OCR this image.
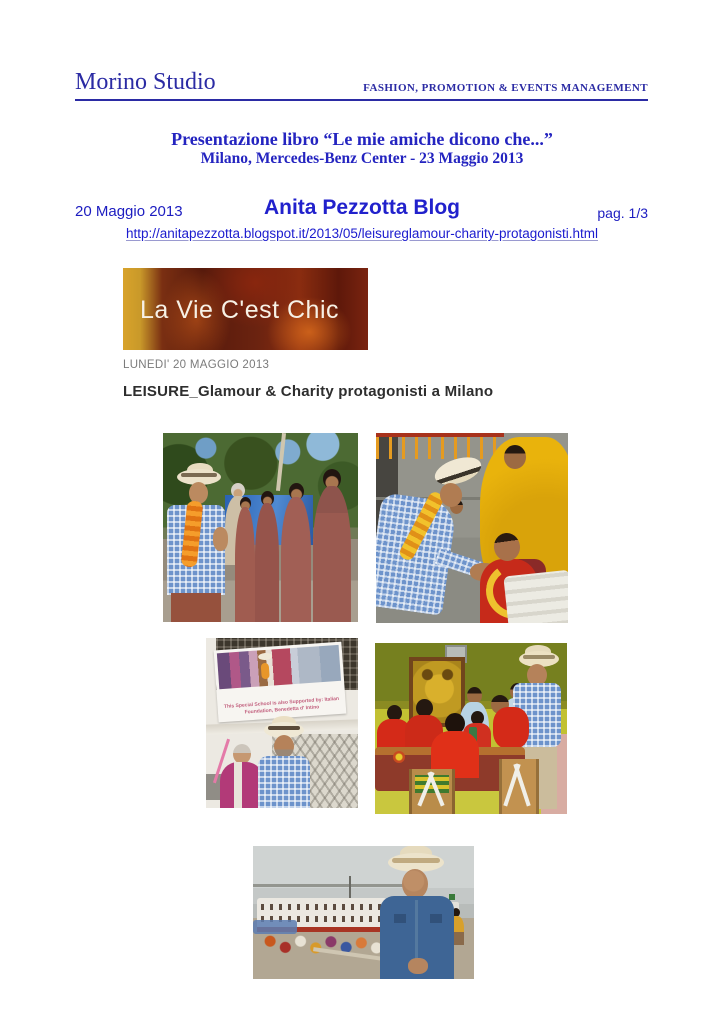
Morino Studio	FASHION, PROMOTION & EVENTS MANAGEMENT
Presentazione libro “Le mie amiche dicono che...”
Milano, Mercedes-Benz Center - 23 Maggio 2013
20 Maggio 2013	Anita Pezzotta Blog	pag. 1/3
http://anitapezzotta.blogspot.it/2013/05/leisureglamour-charity-protagonisti.html
La Vie C'est Chic
LUNEDI' 20 MAGGIO 2013
LEISURE_Glamour & Charity protagonisti a Milano
This Special School is also Supported by: Italian Foundation, Benedetta d' Intino
